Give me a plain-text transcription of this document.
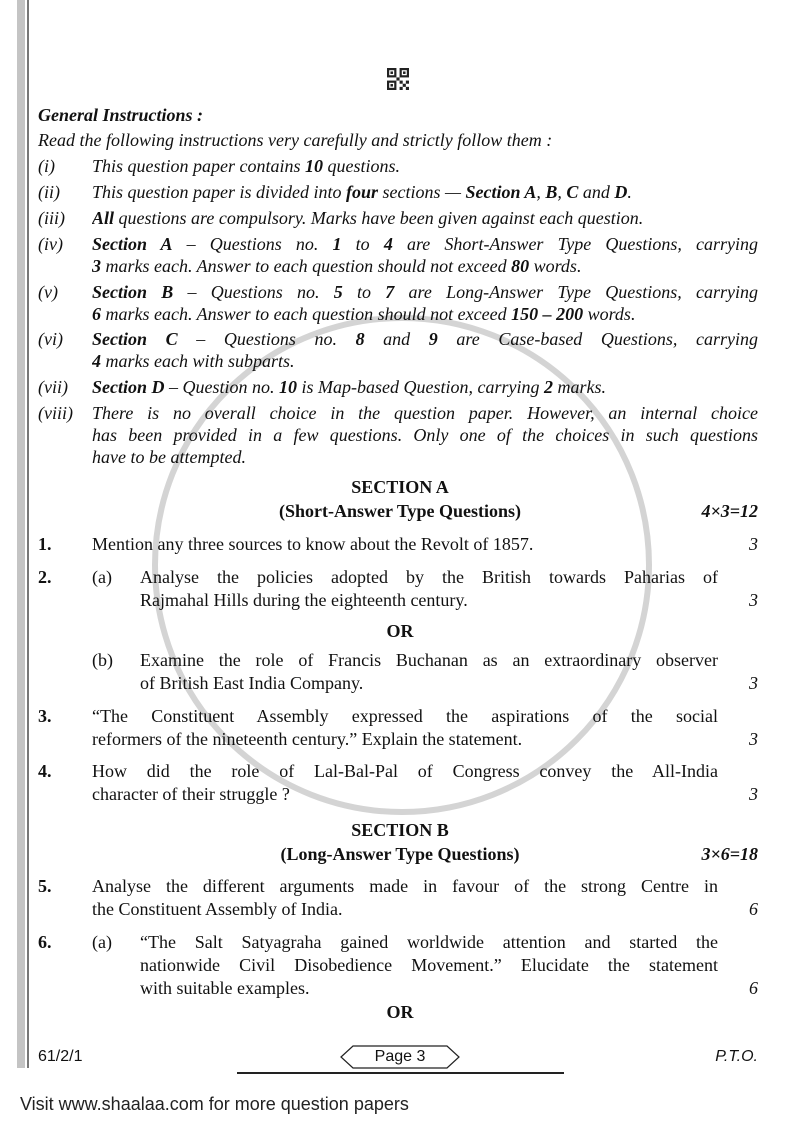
General Instructions :
Read the following instructions very carefully and strictly follow them :
(i) This question paper contains 10 questions.
(ii) This question paper is divided into four sections — Section A, B, C and D.
(iii) All questions are compulsory. Marks have been given against each question.
(iv) Section A – Questions no. 1 to 4 are Short-Answer Type Questions, carrying
3 marks each. Answer to each question should not exceed 80 words.
(v) Section B – Questions no. 5 to 7 are Long-Answer Type Questions, carrying
6 marks each. Answer to each question should not exceed 150 – 200 words.
(vi) Section C – Questions no. 8 and 9 are Case-based Questions, carrying
4 marks each with subparts.
(vii) Section D – Question no. 10 is Map-based Question, carrying 2 marks.
(viii) There is no overall choice in the question paper. However, an internal choice
has been provided in a few questions. Only one of the choices in such questions
have to be attempted.
SECTION A
(Short-Answer Type Questions)	4×3=12
1. Mention any three sources to know about the Revolt of 1857.	3
2. (a) Analyse the policies adopted by the British towards Paharias of
Rajmahal Hills during the eighteenth century.	3
OR
(b) Examine the role of Francis Buchanan as an extraordinary observer
of British East India Company.	3
3. “The Constituent Assembly expressed the aspirations of the social
reformers of the nineteenth century.” Explain the statement.	3
4. How did the role of Lal-Bal-Pal of Congress convey the All-India
character of their struggle ?	3
SECTION B
(Long-Answer Type Questions)	3×6=18
5. Analyse the different arguments made in favour of the strong Centre in
the Constituent Assembly of India.	6
6. (a) “The Salt Satyagraha gained worldwide attention and started the
nationwide Civil Disobedience Movement.” Elucidate the statement
with suitable examples.	6
OR
61/2/1	Page 3	P.T.O.
Visit www.shaalaa.com for more question papers
